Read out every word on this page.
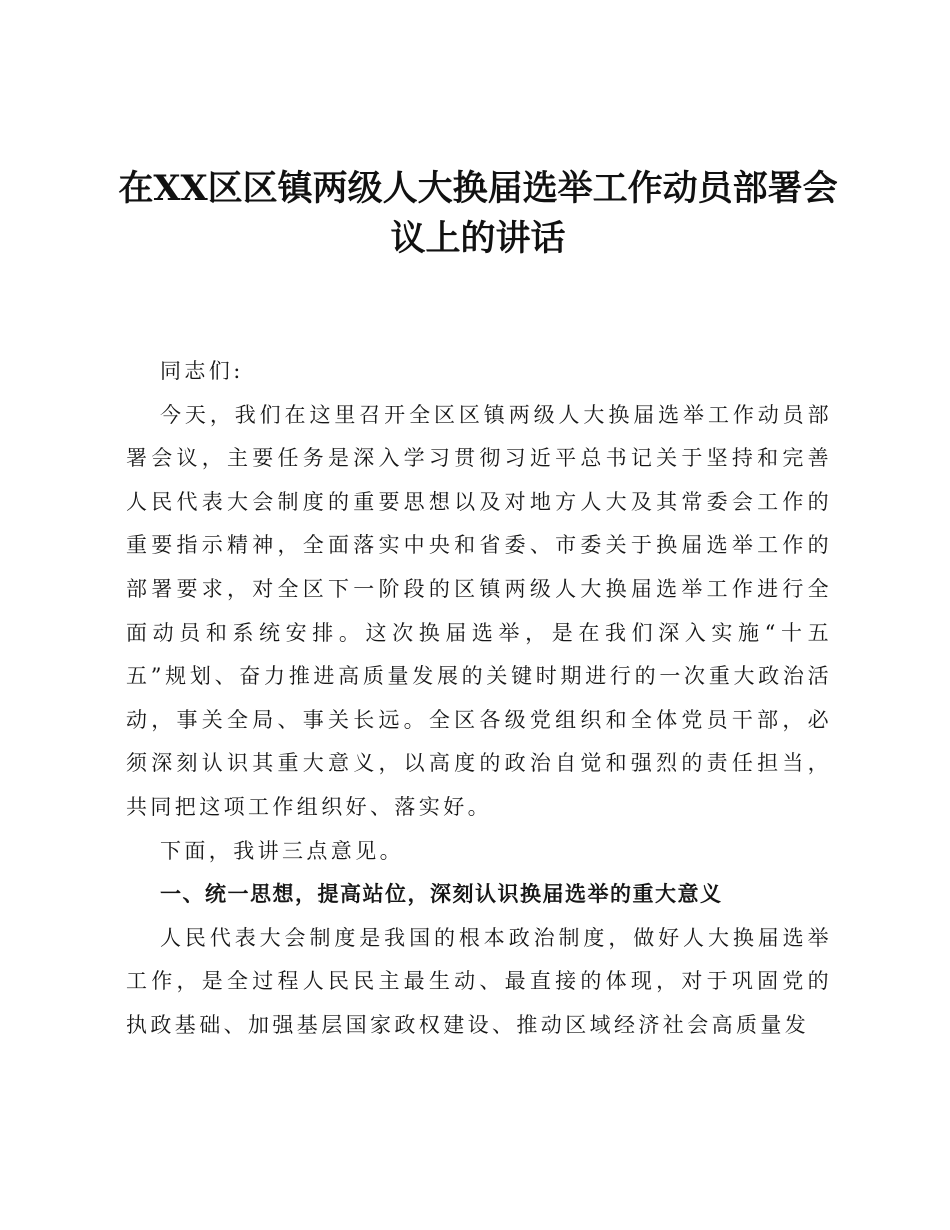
在XX区区镇两级人大换届选举工作动员部署会议上的讲话

同志们:

今天，我们在这里召开全区区镇两级人大换届选举工作动员部署会议，主要任务是深入学习贯彻习近平总书记关于坚持和完善人民代表大会制度的重要思想以及对地方人大及其常委会工作的重要指示精神，全面落实中央和省委、市委关于换届选举工作的部署要求，对全区下一阶段的区镇两级人大换届选举工作进行全面动员和系统安排。这次换届选举，是在我们深入实施“十五五”规划、奋力推进高质量发展的关键时期进行的一次重大政治活动，事关全局、事关长远。全区各级党组织和全体党员干部，必须深刻认识其重大意义，以高度的政治自觉和强烈的责任担当，共同把这项工作组织好、落实好。

下面，我讲三点意见。

一、统一思想，提高站位，深刻认识换届选举的重大意义

人民代表大会制度是我国的根本政治制度，做好人大换届选举工作，是全过程人民民主最生动、最直接的体现，对于巩固党的执政基础、加强基层国家政权建设、推动区域经济社会高质量发
